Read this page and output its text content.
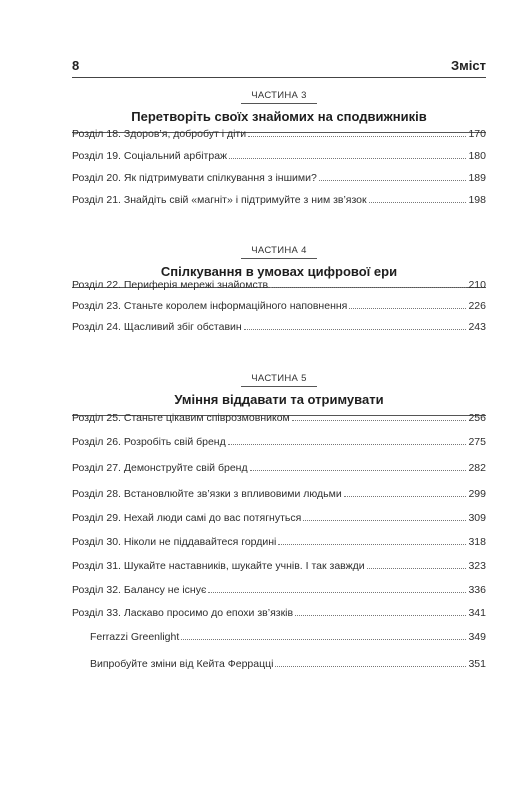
8	Зміст
ЧАСТИНА 3
Перетворіть своїх знайомих на сподвижників
Розділ 18. Здоров’я, добробут і діти	170
Розділ 19. Соціальний арбітраж	180
Розділ 20. Як підтримувати спілкування з іншими?	189
Розділ 21. Знайдіть свій «магніт» і підтримуйте з ним зв’язок	198
ЧАСТИНА 4
Спілкування в умовах цифрової ери
Розділ 22. Периферія мережі знайомств	210
Розділ 23. Станьте королем інформаційного наповнення	226
Розділ 24. Щасливий збіг обставин	243
ЧАСТИНА 5
Уміння віддавати та отримувати
Розділ 25. Станьте цікавим співрозмовником	256
Розділ 26. Розробіть свій бренд	275
Розділ 27. Демонструйте свій бренд	282
Розділ 28. Встановлюйте зв’язки з впливовими людьми	299
Розділ 29. Нехай люди самі до вас потягнуться	309
Розділ 30. Ніколи не піддавайтеся гордині	318
Розділ 31. Шукайте наставників, шукайте учнів. І так завжди	323
Розділ 32. Балансу не існує	336
Розділ 33. Ласкаво просимо до епохи зв’язків	341
Ferrazzi Greenlight	349
Випробуйте зміни від Кейта Феррацці	351
